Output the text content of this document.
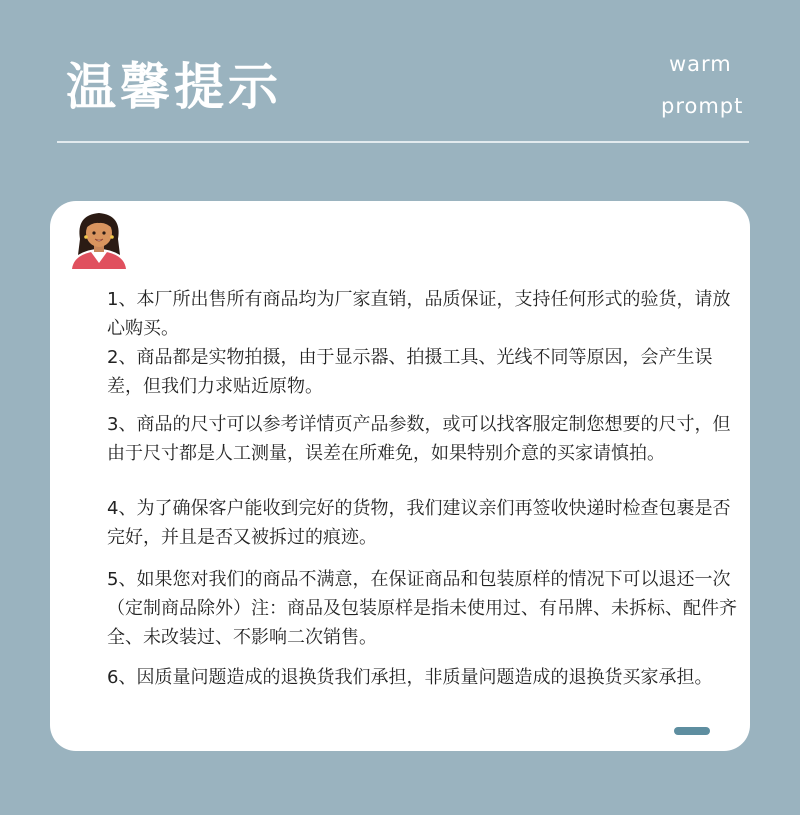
温馨提示	warm
prompt

1、本厂所出售所有商品均为厂家直销，品质保证，支持任何形式的验货，请放心购买。

2、商品都是实物拍摄，由于显示器、拍摄工具、光线不同等原因，会产生误差，但我们力求贴近原物。

3、商品的尺寸可以参考详情页产品参数，或可以找客服定制您想要的尺寸，但由于尺寸都是人工测量，误差在所难免，如果特别介意的买家请慎拍。

4、为了确保客户能收到完好的货物，我们建议亲们再签收快递时检查包裹是否完好，并且是否又被拆过的痕迹。

5、如果您对我们的商品不满意，在保证商品和包装原样的情况下可以退还一次（定制商品除外）注：商品及包装原样是指未使用过、有吊牌、未拆标、配件齐全、未改装过、不影响二次销售。

6、因质量问题造成的退换货我们承担，非质量问题造成的退换货买家承担。
